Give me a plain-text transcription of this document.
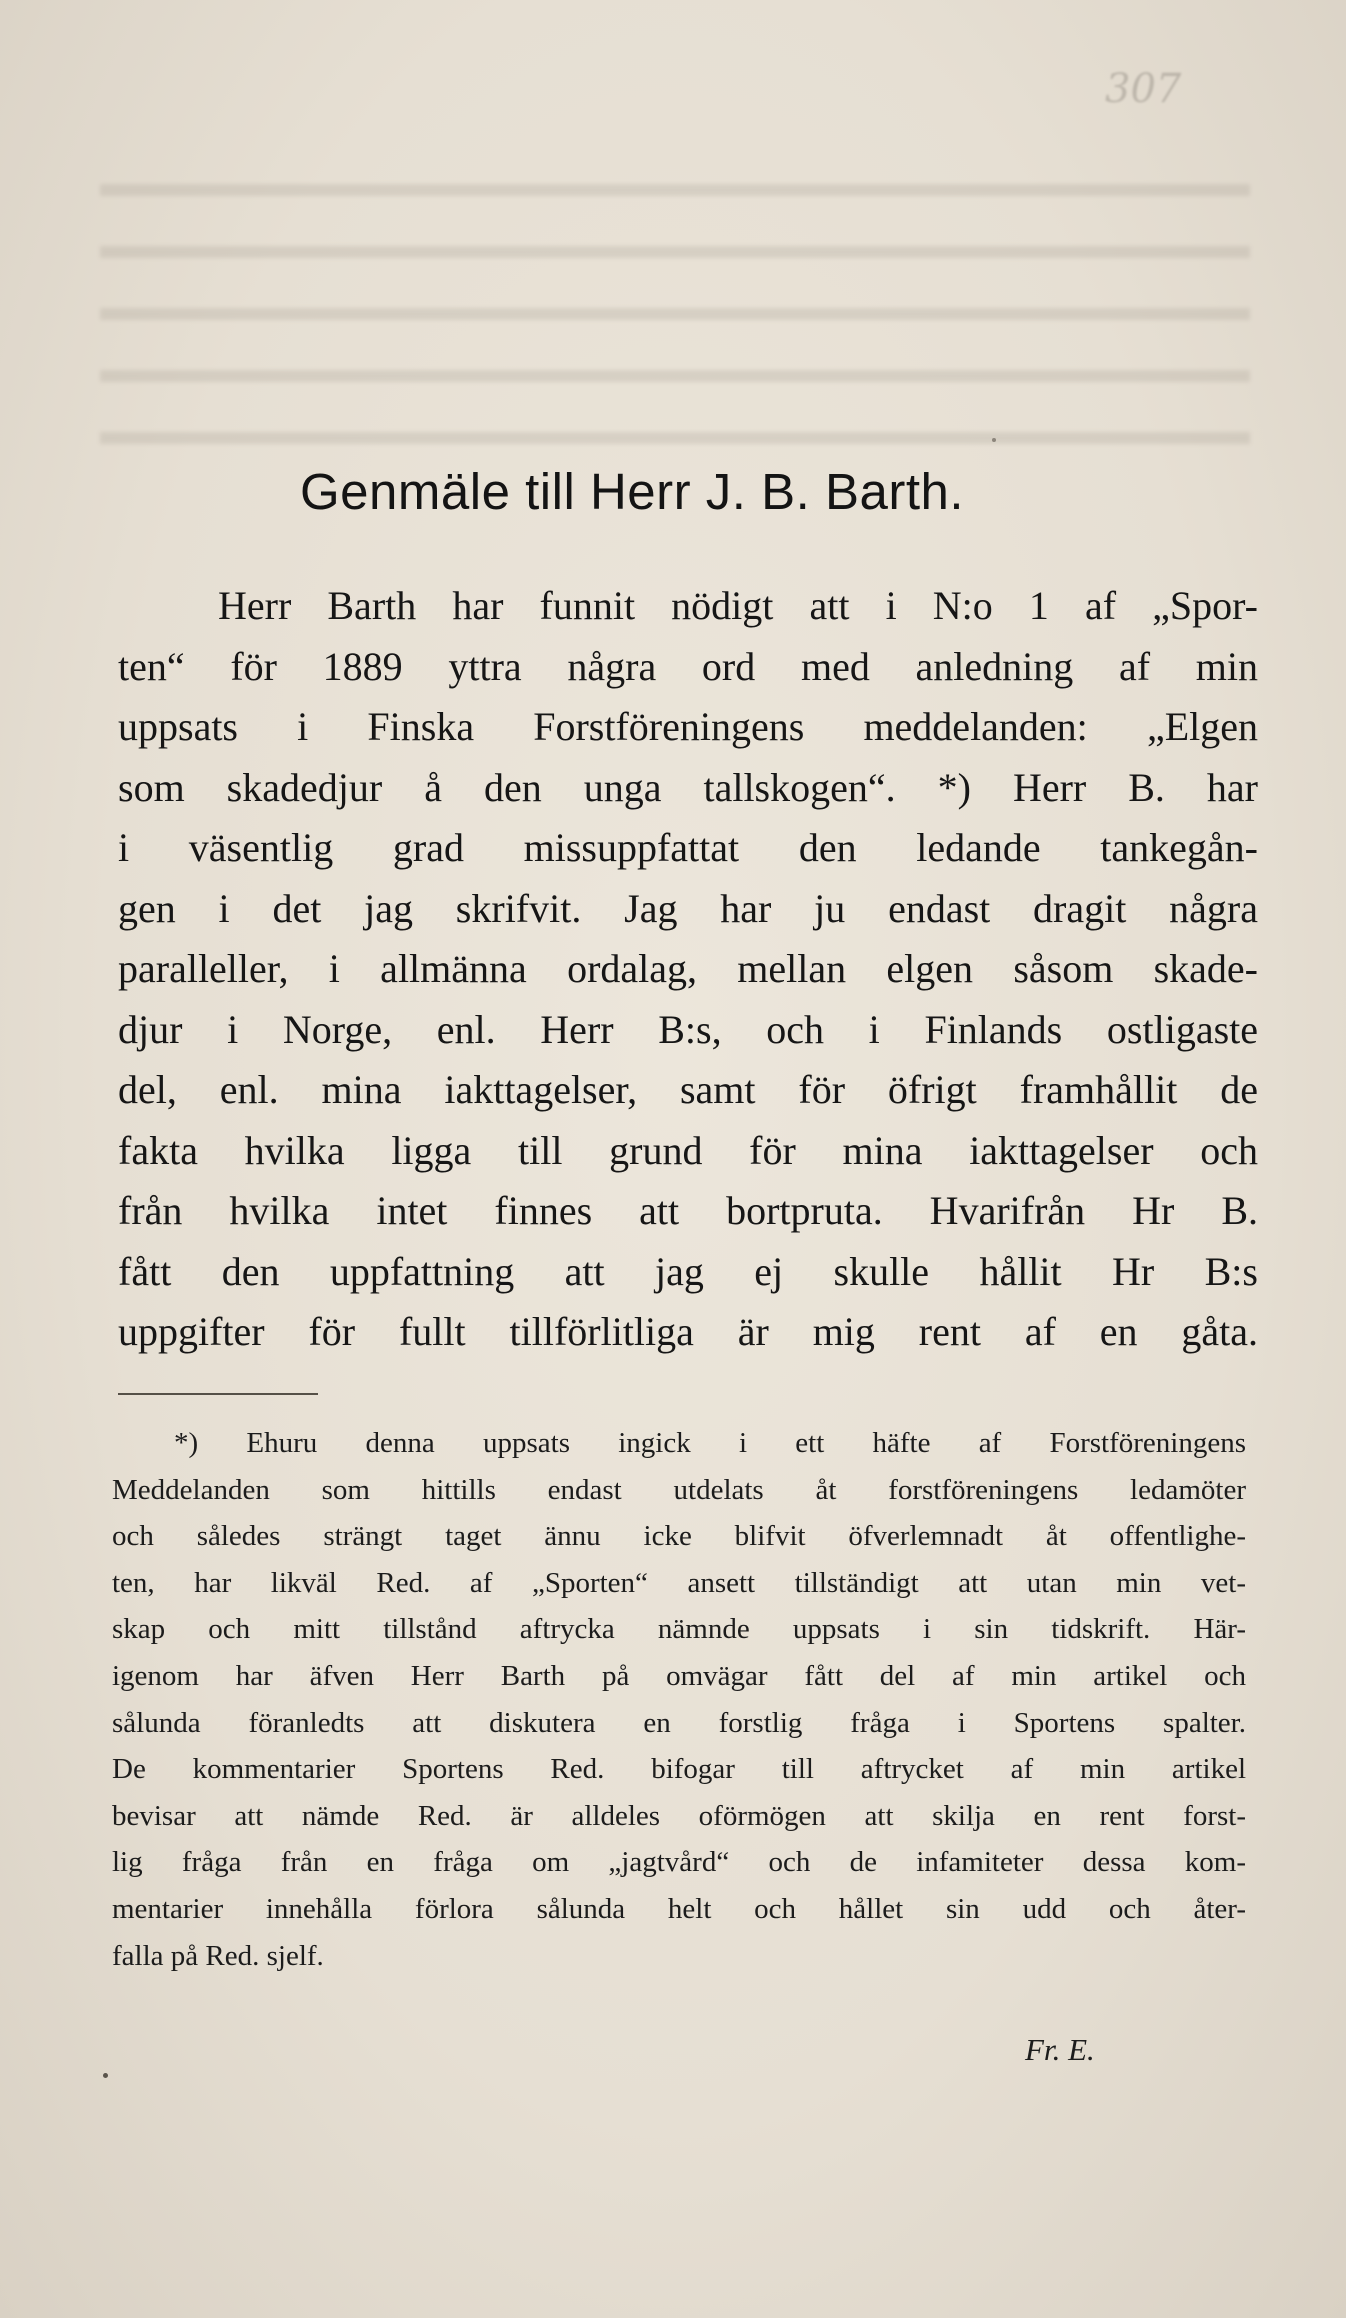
307
Genmäle till Herr J. B. Barth.
Herr Barth har funnit nödigt att i N:o 1 af „Spor-
ten“ för 1889 yttra några ord med anledning af min
uppsats i Finska Forstföreningens meddelanden: „Elgen
som skadedjur å den unga tallskogen“. *) Herr B. har
i väsentlig grad missuppfattat den ledande tankegån-
gen i det jag skrifvit. Jag har ju endast dragit några
paralleller, i allmänna ordalag, mellan elgen såsom skade-
djur i Norge, enl. Herr B:s, och i Finlands ostligaste
del, enl. mina iakttagelser, samt för öfrigt framhållit de
fakta hvilka ligga till grund för mina iakttagelser och
från hvilka intet finnes att bortpruta. Hvarifrån Hr B.
fått den uppfattning att jag ej skulle hållit Hr B:s
uppgifter för fullt tillförlitliga är mig rent af en gåta.
*) Ehuru denna uppsats ingick i ett häfte af Forstföreningens
Meddelanden som hittills endast utdelats åt forstföreningens ledamöter
och således strängt taget ännu icke blifvit öfverlemnadt åt offentlighe-
ten, har likväl Red. af „Sporten“ ansett tillständigt att utan min vet-
skap och mitt tillstånd aftrycka nämnde uppsats i sin tidskrift. Här-
igenom har äfven Herr Barth på omvägar fått del af min artikel och
sålunda föranledts att diskutera en forstlig fråga i Sportens spalter.
De kommentarier Sportens Red. bifogar till aftrycket af min artikel
bevisar att nämde Red. är alldeles oförmögen att skilja en rent forst-
lig fråga från en fråga om „jagtvård“ och de infamiteter dessa kom-
mentarier innehålla förlora sålunda helt och hållet sin udd och åter-
falla på Red. sjelf.
Fr. E.
